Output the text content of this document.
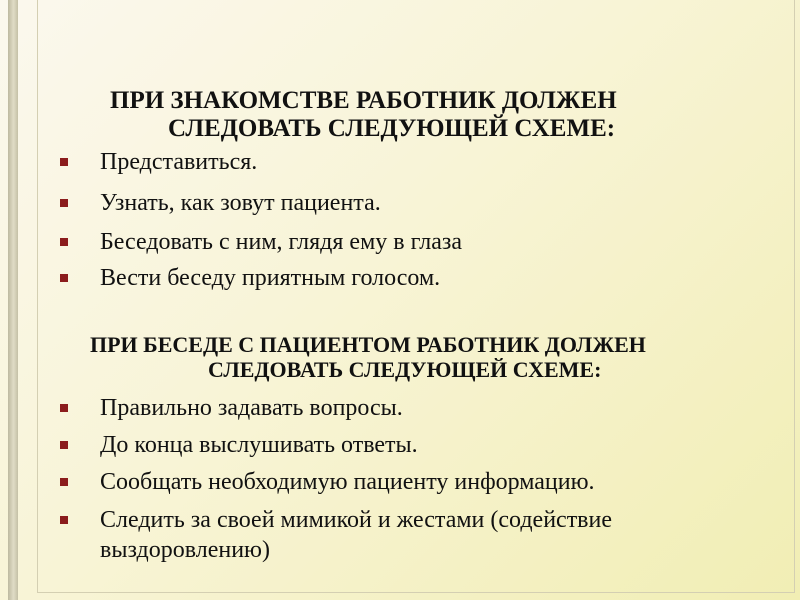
ПРИ ЗНАКОМСТВЕ РАБОТНИК ДОЛЖЕН
СЛЕДОВАТЬ СЛЕДУЮЩЕЙ СХЕМЕ:
Представиться.
Узнать, как зовут пациента.
Беседовать с ним, глядя ему в глаза
Вести беседу приятным голосом.
ПРИ БЕСЕДЕ С ПАЦИЕНТОМ РАБОТНИК ДОЛЖЕН
СЛЕДОВАТЬ СЛЕДУЮЩЕЙ СХЕМЕ:
Правильно задавать вопросы.
До конца выслушивать ответы.
Сообщать необходимую пациенту информацию.
Следить за своей мимикой и жестами (содействие
выздоровлению)
